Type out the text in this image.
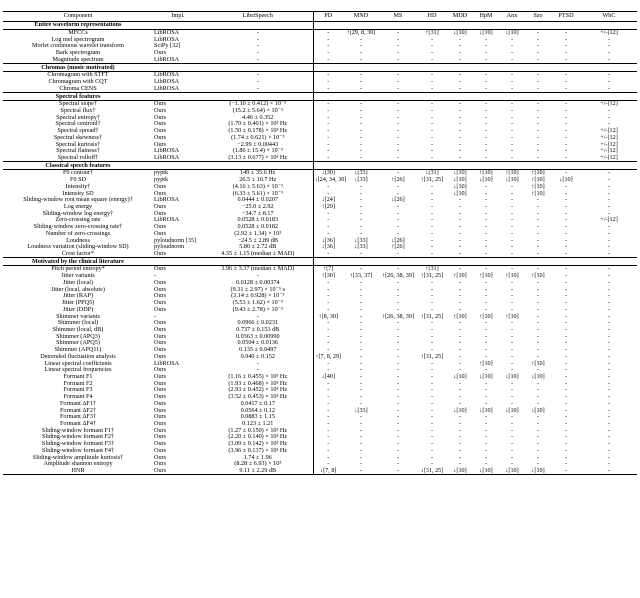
Component	Impl.	LibriSpeech	PD	MND	MS	HD	MDD	HpM	Anx	Szo	PTSD	WhC
Entire waveform representations												
MFCCs	LibROSA	-	-	↑[29, 8, 30]	-	↑[31]	↓[10]	↓[10]	↓[10]	-	-	+/-[12]
Log mel spectrogram	LibROSA	-	-	-	-	-	-	-	-	-	-	-
Morlet continuous wavelet transform	SciPy [32]	-	-	-	-	-	-	-	-	-	-	-
Bark spectrogram	Ours	-	-	-	-	-	-	-	-	-	-	-
Magnitude spectrum	LibROSA	-	-	-	-	-	-	-	-	-	-	-
Chromas (music motivated)												
Chromagram with STFT	LibROSA	-	-	-	-	-	-	-	-	-	-	-
Chromagram with CQT	LibROSA	-	-	-	-	-	-	-	-	-	-	-
Chroma CENS	LibROSA	-	-	-	-	-	-	-	-	-	-	-
Spectral features												
Spectral slope†	Ours	(−1.10 ± 0.412) × 10⁻³	-	-	-	-	-	-	-	-	-	+/-[12]
Spectral flux†	Ours	(15.2 ± 5.64) × 10⁻³	-	-	-	-	-	-	-	-	-	-
Spectral entropy†	Ours	4.46 ± 0.352	-	-	-	-	-	-	-	-	-	-
Spectral centroid†	Ours	(1.70 ± 0.401) × 10³ Hz	-	-	-	-	-	-	-	-	-	-
Spectral spread†	Ours	(1.50 ± 0.178) × 10³ Hz	-	-	-	-	-	-	-	-	-	+/-[12]
Spectral skewness†	Ours	(1.74 ± 0.621) × 10⁻³	-	-	-	-	-	-	-	-	-	+/-[12]
Spectral kurtosis†	Ours	−2.99 ± 0.00443	-	-	-	-	-	-	-	-	-	+/-[12]
Spectral flatness†	LibROSA	(1.86 ± 15.4) × 10⁻³	-	-	-	-	-	-	-	-	-	+/-[12]
Spectral rolloff†	LibROSA	(3.13 ± 0.677) × 10³ Hz	-	-	-	-	-	-	-	-	-	+/-[12]
Classical speech features												
F0 contour†	pyptk	149 ± 35.6 Hz	↓[30]	↓[33]	-	↓[31]	↓[10]	↑[10]	↑[10]	↑[10]	-	-
F0 SD	pyptk	26.5 ± 10.7 Hz	↓[24, 34, 30]	↓[33]	↑[26]	↑[31, 25]	↓[10]	↓[10]	↓[10]	↑[10]	↓[10]	-
Intensity†	Ours	(4.16 ± 5.63) × 10⁻³	-	-	-	-	↓[10]	-	-	↑[10]	-	-
Intensity SD	Ours	(6.33 ± 5.61) × 10⁻³	-	-	-	-	↓[10]	-	-	↑[10]	-	-
Sliding-window root mean square (energy)†	LibROSA	0.0444 ± 0.0207	↓[24]	-	↓[26]	-	-	-	-	-	-	-
Log energy	Ours	−25.0 ± 2.92	↑[29]	-	-	-	-	-	-	-	-	-
Sliding-window log energy†	Ours	−34.7 ± 8.17	-	-	-	-	-	-	-	-	-	-
Zero-crossing rate	LibROSA	0.0528 ± 0.0183	-	-	-	-	-	-	-	-	-	+/-[12]
Sliding-window zero-crossing rate†	Ours	0.0528 ± 0.0182	-	-	-	-	-	-	-	-	-	-
Number of zero-crossings	Ours	(2.92 ± 1.34) × 10³	-	-	-	-	-	-	-	-	-	-
Loudness	pyloudnorm [35]	−24.5 ± 2.89 dB	↓[36]	↓[33]	↓[26]	-	-	-	-	-	-	-
Loudness variation (sliding-window SD)	pyloudnorm	5.80 ± 2.72 dB	↓[36]	↓[33]	↑[26]	-	-	-	-	-	-	-
Crest factor*	Ours	4.35 ± 1.15 (median ± MAD)	-	-	-	-	-	-	-	-	-	-
Motivated by the clinical literature												
Pitch period entropy*	Ours	3.96 ± 3.37 (median ± MAD)	↑[7]	-	-	↑[31]	-	-	-	-	-	-
Jitter variants	-	-	↑[30]	↑[33, 37]	↑[26, 38, 39]	↑[31, 25]	↑[10]	↑[10]	↑[10]	↑[10]	-	-
Jitter (local)	Ours	0.0128 ± 0.00374	-	-	-	-	-	-	-	-	-	-
Jitter (local, absolute)	Ours	(9.31 ± 2.97) × 10⁻⁵ s	-	-	-	-	-	-	-	-	-	-
Jitter (RAP)	Ours	(3.14 ± 0.928) × 10⁻³	-	-	-	-	-	-	-	-	-	-
Jitter (PPQ5)	Ours	(5.53 ± 1.62) × 10⁻³	-	-	-	-	-	-	-	-	-	-
Jitter (DDP)	Ours	(9.43 ± 2.78) × 10⁻³	-	-	-	-	-	-	-	-	-	-
Shimmer variants	-	-	↑[8, 30]	-	↑[26, 38, 39]	↑[31, 25]	↑[10]	↑[10]	↑[10]	-	-	-
Shimmer (local)	Ours	0.0966 ± 0.0231	-	-	-	-	-	-	-	-	-	-
Shimmer (local, dB)	Ours	0.737 ± 0.153 dB	-	-	-	-	-	-	-	-	-	-
Shimmer (APQ3)	Ours	0.0363 ± 0.00990	-	-	-	-	-	-	-	-	-	-
Shimmer (APQ5)	Ours	0.0504 ± 0.0136	-	-	-	-	-	-	-	-	-	-
Shimmer (APQ11)	Ours	0.135 ± 0.0497	-	-	-	-	-	-	-	-	-	-
Detrended fluctuation analysis	Ours	0.940 ± 0.152	↑[7, 8, 29]	-	-	↑[31, 25]	-	-	-	-	-	-
Linear spectral coefficients	LibROSA	-	-	-	-	-	-	↑[10]	-	↑[10]	-	-
Linear spectral frequencies	Ours	-	-	-	-	-	-	-	-	-	-	-
Formant F1	Ours	(1.16 ± 0.455) × 10³ Hz	↓[40]	-	-	-	↓[10]	↓[10]	↓[10]	↓[10]	-	-
Formant F2	Ours	(1.93 ± 0.468) × 10³ Hz	-	-	-	-	-	-	-	-	-	-
Formant F3	Ours	(2.93 ± 0.452) × 10³ Hz	-	-	-	-	-	-	-	-	-	-
Formant F4	Ours	(3.52 ± 0.453) × 10³ Hz	-	-	-	-	-	-	-	-	-	-
Formant ΔF1†	Ours	0.0417 ± 0.17	-	-	-	-	-	-	-	-	-	-
Formant ΔF2†	Ours	0.0564 ± 0.12	-	↓[33]	-	-	↓[10]	↓[10]	↓[10]	↓[10]	-	-
Formant ΔF3†	Ours	0.0883 ± 1.15	-	-	-	-	-	-	-	-	-	-
Formant ΔF4†	Ours	0.123 ± 1.21	-	-	-	-	-	-	-	-	-	-
Sliding-window formant F1†	Ours	(1.27 ± 0.150) × 10³ Hz	-	-	-	-	-	-	-	-	-	-
Sliding-window formant F2†	Ours	(2.20 ± 0.140) × 10³ Hz	-	-	-	-	-	-	-	-	-	-
Sliding-window formant F3†	Ours	(3.09 ± 0.142) × 10³ Hz	-	-	-	-	-	-	-	-	-	-
Sliding-window formant F4†	Ours	(3.96 ± 0.137) × 10³ Hz	-	-	-	-	-	-	-	-	-	-
Sliding-window amplitude kurtosis†	Ours	1.74 ± 1.96	-	-	-	-	-	-	-	-	-	-
Amplitude shannon entropy	Ours	(8.28 ± 6.93) × 10³	-	-	-	-	-	-	-	-	-	-
HNR	Ours	9.11 ± 2.29 dB	↓[7, 8]	-	-	↓[31, 25]	↓[10]	↓[10]	↓[10]	↓[10]	-	-
